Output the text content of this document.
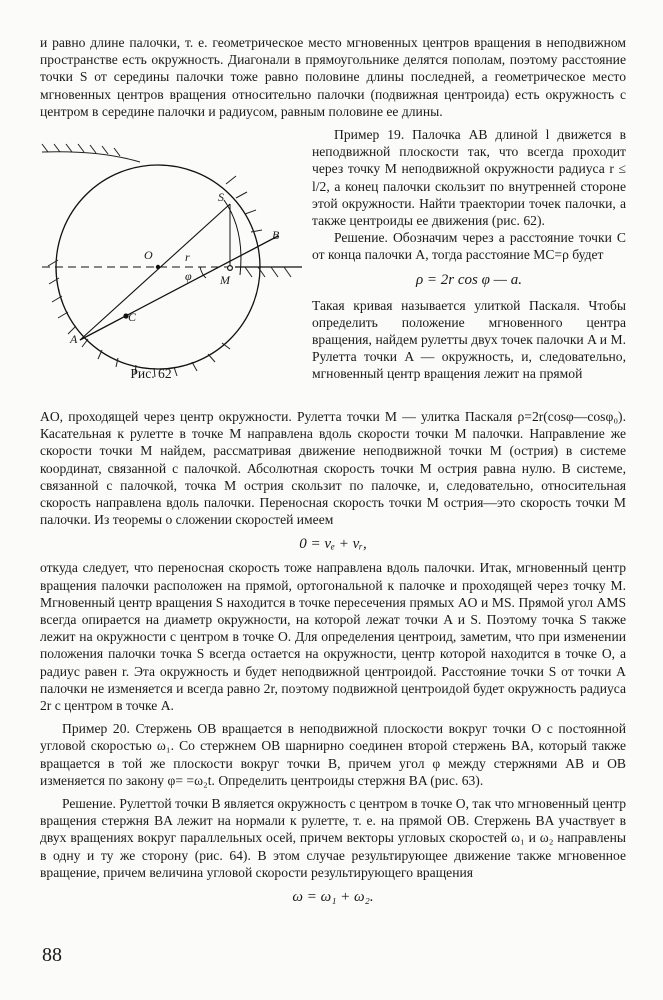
и равно длине палочки, т. е. геометрическое место мгновенных центров вращения в неподвижном пространстве есть окружность. Диагонали в прямоугольнике делятся пополам, поэтому расстояние точки S от середины палочки тоже равно половине длины последней, а геометрическое место мгновенных центров вращения относительно палочки (подвижная центроида) есть окружность с центром в середине палочки и радиусом, равным половине ее длины.

S
B
O	r
φ M
C
A
Рис. 62

Пример 19. Палочка AB длиной l движется в неподвижной плоскости так, что всегда проходит через точку M неподвижной окружности радиуса r ≤ l/2, а конец палочки скользит по внутренней стороне этой окружности. Найти траектории точек палочки, а также центроиды ее движения (рис. 62).

Решение. Обозначим через a расстояние точки C от конца палочки A, тогда расстояние MC=ρ будет

ρ = 2r cos φ — a.

Такая кривая называется улиткой Паскаля. Чтобы определить положение мгновенного центра вращения, найдем рулетты двух точек палочки A и M. Рулетта точки A — окружность, и, следовательно, мгновенный центр вращения лежит на прямой

AO, проходящей через центр окружности. Рулетта точки M — улитка Паскаля ρ=2r(cosφ—cosφ₀). Касательная к рулетте в точке M направлена вдоль скорости точки M палочки. Направление же скорости точки M найдем, рассматривая движение неподвижной точки M (острия) в системе координат, связанной с палочкой. Абсолютная скорость точки M острия равна нулю. В системе, связанной с палочкой, точка M острия скользит по палочке, и, следовательно, относительная скорость направлена вдоль палочки. Переносная скорость точки M острия—это скорость точки M палочки. Из теоремы о сложении скоростей имеем

0 = vₑ + vᵣ,

откуда следует, что переносная скорость тоже направлена вдоль палочки. Итак, мгновенный центр вращения палочки расположен на прямой, ортогональной к палочке и проходящей через точку M. Мгновенный центр вращения S находится в точке пересечения прямых AO и MS. Прямой угол AMS всегда опирается на диаметр окружности, на которой лежат точки A и S. Поэтому точка S также лежит на окружности с центром в точке O. Для определения центроид, заметим, что при изменении положения палочки точка S всегда остается на окружности, центр которой находится в точке O, а радиус равен r. Эта окружность и будет неподвижной центроидой. Расстояние точки S от точки A палочки не изменяется и всегда равно 2r, поэтому подвижной центроидой будет окружность радиуса 2r с центром в точке A.

Пример 20. Стержень OB вращается в неподвижной плоскости вокруг точки O с постоянной угловой скоростью ω₁. Со стержнем OB шарнирно соединен второй стержень BA, который также вращается в той же плоскости вокруг точки B, причем угол φ между стержнями AB и OB изменяется по закону φ= =ω₂t. Определить центроиды стержня BA (рис. 63).

Решение. Рулеттой точки B является окружность с центром в точке O, так что мгновенный центр вращения стержня BA лежит на нормали к рулетте, т. е. на прямой OB. Стержень BA участвует в двух вращениях вокруг параллельных осей, причем векторы угловых скоростей ω₁ и ω₂ направлены в одну и ту же сторону (рис. 64). В этом случае результирующее движение также мгновенное вращение, причем величина угловой скорости результирующего вращения

ω = ω₁ + ω₂.

88
